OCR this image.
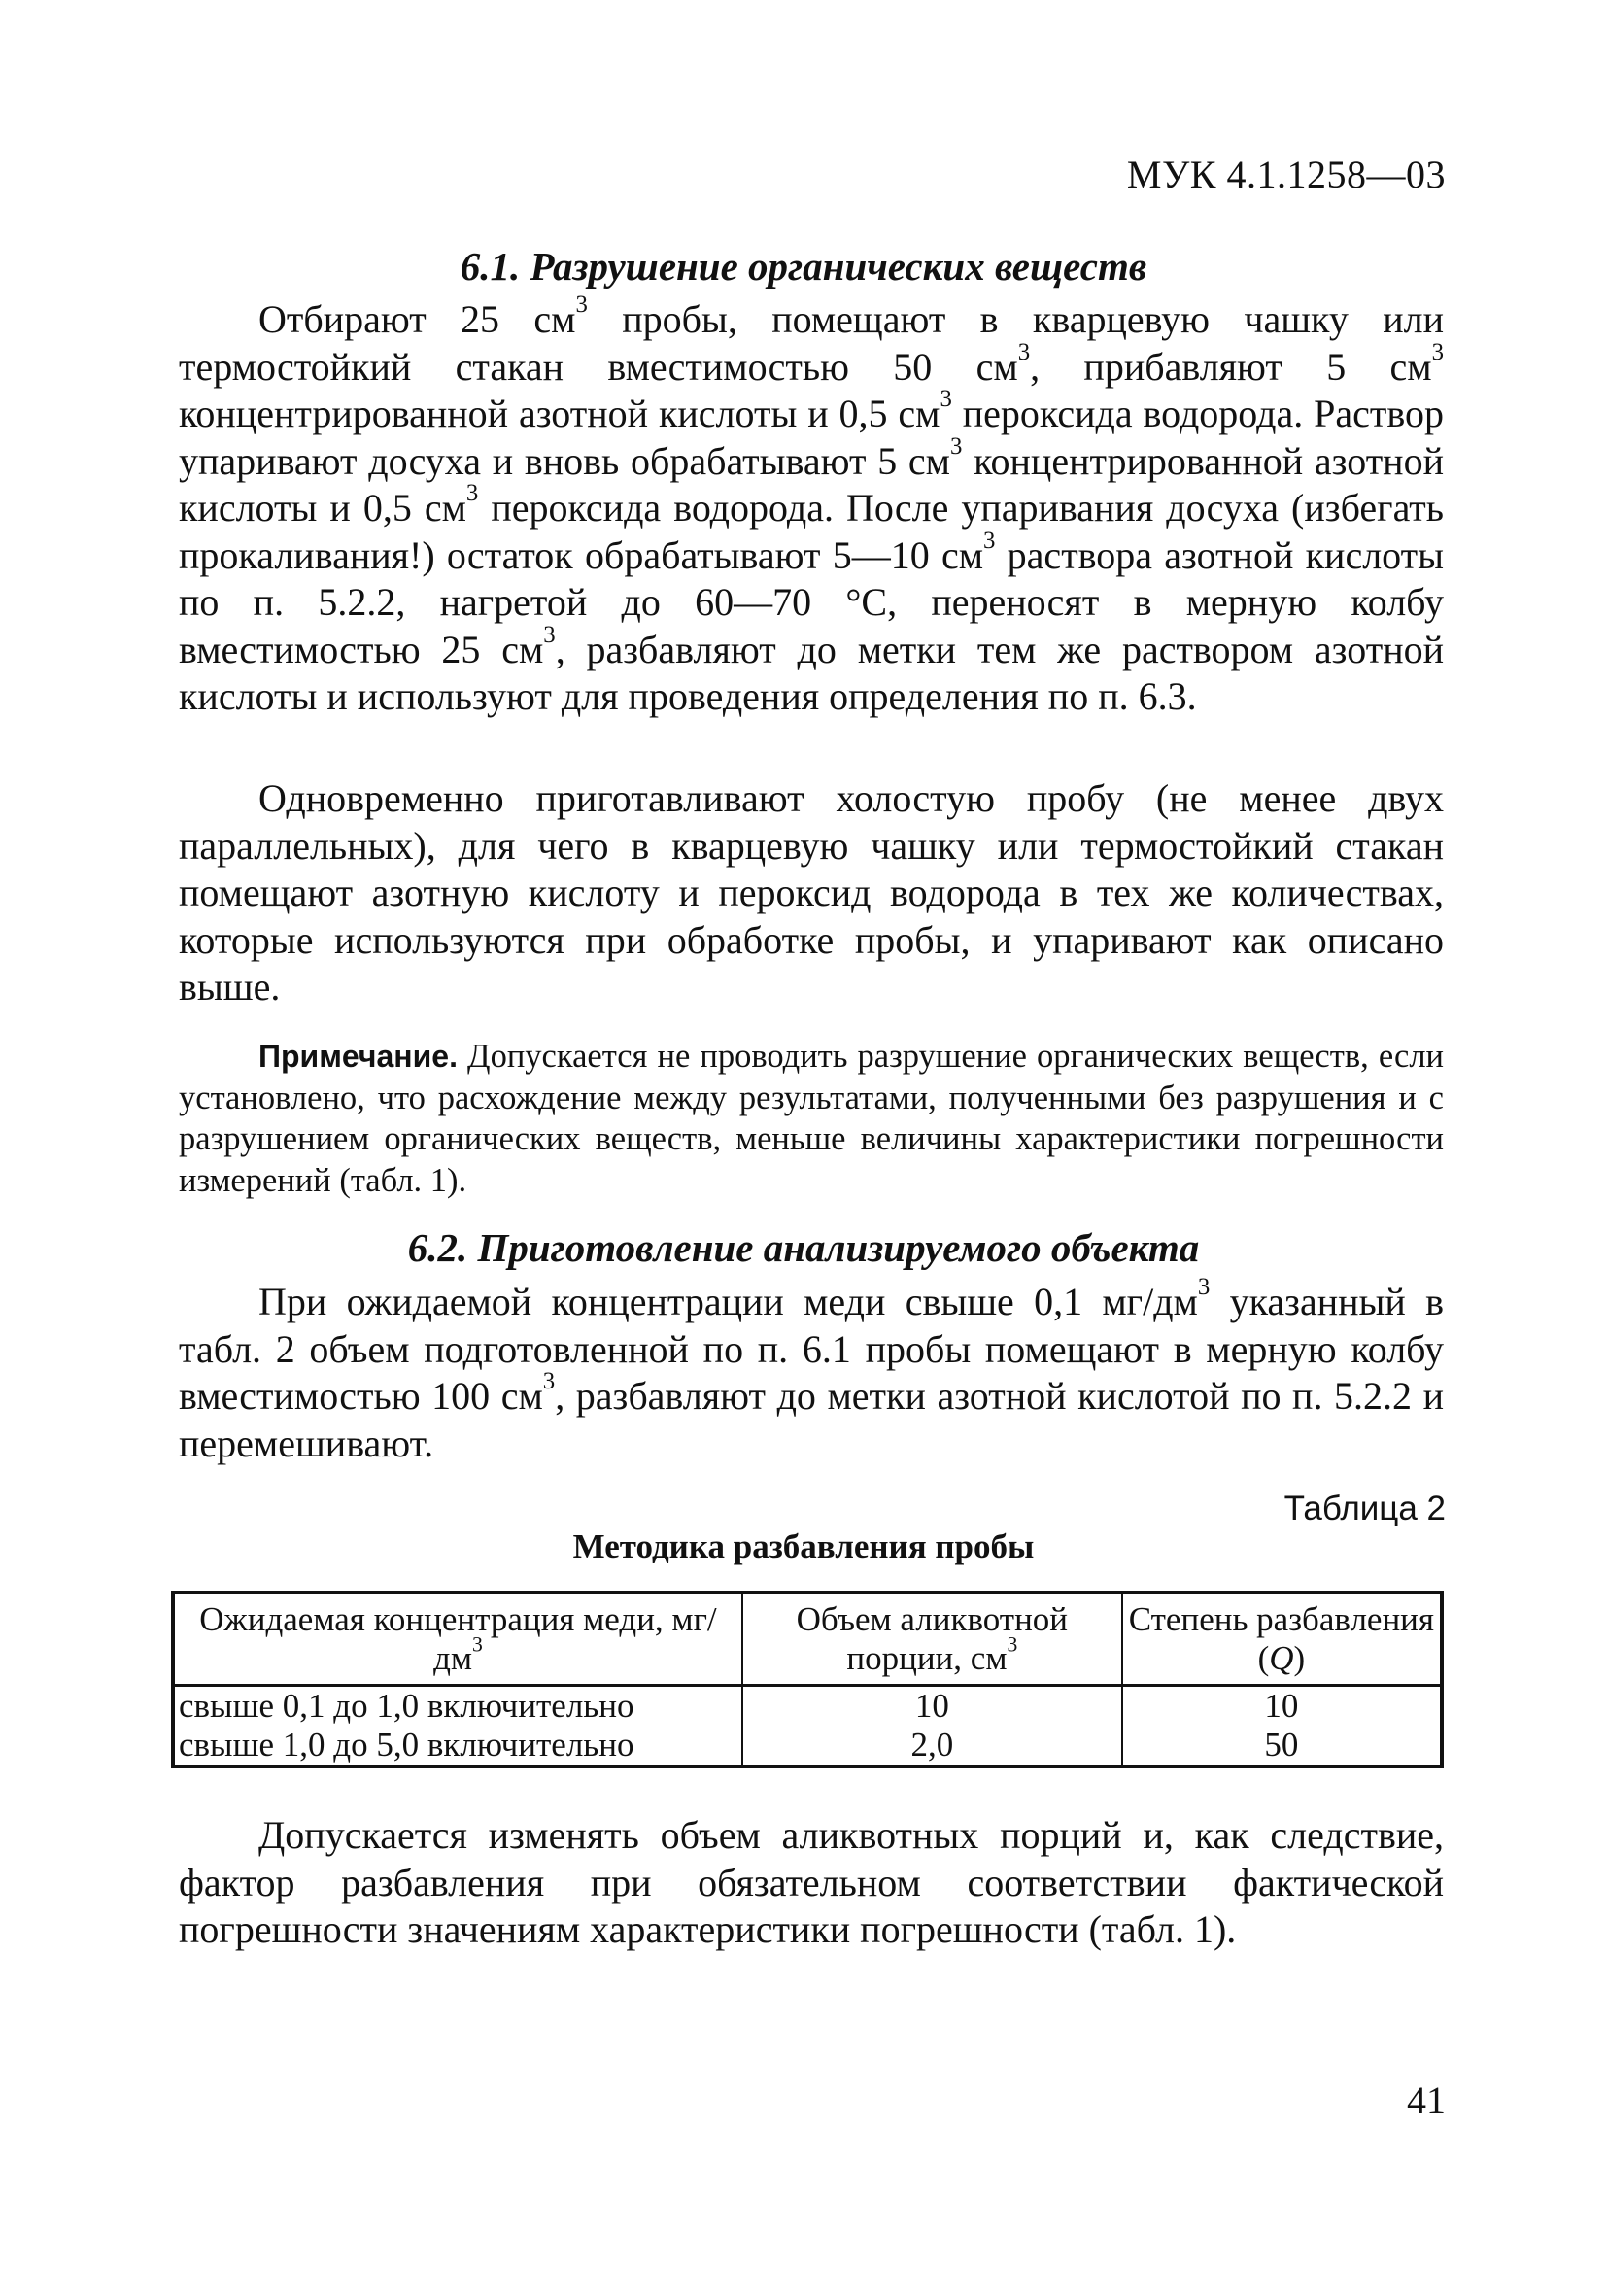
МУК 4.1.1258—03
6.1. Разрушение органических веществ

Отбирают 25 $см^3$ пробы, помещают в кварцевую чашку или термостойкий стакан вместимостью 50 $см^3$, прибавляют 5 $см^3$ концентрированной азотной кислоты и 0,5 $см^3$ пероксида водорода. Раствор упаривают досуха и вновь обрабатывают 5 $см^3$ концентрированной азотной кислоты и 0,5 $см^3$ пероксида водорода. После упаривания досуха (избегать прокаливания!) остаток обрабатывают 5—10 $см^3$ раствора азотной кислоты по п. 5.2.2, нагретой до 60—70 °С, переносят в мерную колбу вместимостью 25 $см^3$, разбавляют до метки тем же раствором азотной кислоты и используют для проведения определения по п. 6.3.

Одновременно приготавливают холостую пробу (не менее двух параллельных), для чего в кварцевую чашку или термостойкий стакан помещают азотную кислоту и пероксид водорода в тех же количествах, которые используются при обработке пробы, и упаривают как описано выше.

Примечание. Допускается не проводить разрушение органических веществ, если установлено, что расхождение между результатами, полученными без разрушения и с разрушением органических веществ, меньше величины характеристики погрешности измерений (табл. 1).

6.2. Приготовление анализируемого объекта

При ожидаемой концентрации меди свыше 0,1 $мг/дм^3$ указанный в табл. 2 объем подготовленной по п. 6.1 пробы помещают в мерную колбу вместимостью 100 $см^3$, разбавляют до метки азотной кислотой по п. 5.2.2 и перемешивают.

Таблица 2
Методика разбавления пробы
Ожидаемая концентрация меди, $мг/дм^3$	Объем аликвотной порции, $см^3$	Степень разбавления (Q)
свыше 0,1 до 1,0 включительно	10	10
свыше 1,0 до 5,0 включительно	2,0	50

Допускается изменять объем аликвотных порций и, как следствие, фактор разбавления при обязательном соответствии фактической погрешности значениям характеристики погрешности (табл. 1).

41
